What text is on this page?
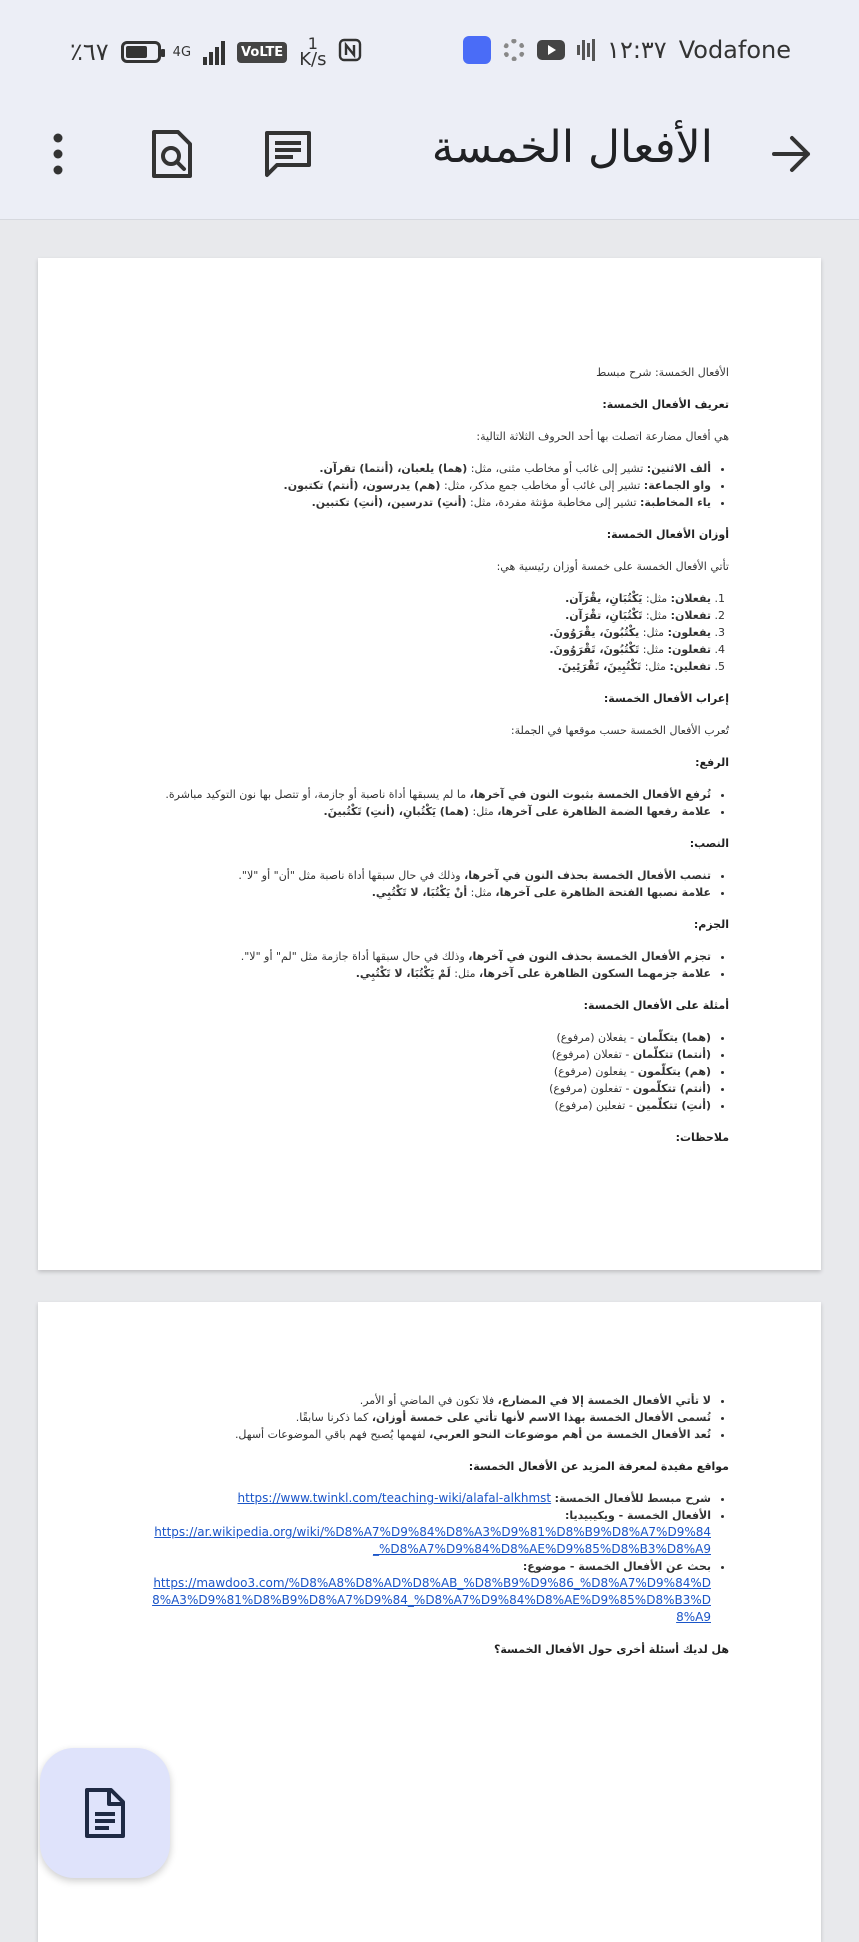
٪٦٧	4G	VoLTE	1
K/s	١٢:٣٧ Vodafone
الأفعال الخمسة

الأفعال الخمسة: شرح مبسط

تعريف الأفعال الخمسة:

هي أفعال مضارعة اتصلت بها أحد الحروف الثلاثة التالية:

• ألف الاثنين: تشير إلى غائب أو مخاطب مثنى، مثل: (هما) يلعبان، (أنتما) تقرآن.
• واو الجماعة: تشير إلى غائب أو مخاطب جمع مذكر، مثل: (هم) يدرسون، (أنتم) تكتبون.
• ياء المخاطبة: تشير إلى مخاطبة مؤنثة مفردة، مثل: (أنتِ) تدرسين، (أنتِ) تكتبين.
أوزان الأفعال الخمسة:

تأتي الأفعال الخمسة على خمسة أوزان رئيسية هي:

1. يفعلان: مثل: يَكْتُبَانِ، يقْرَآن.
2. تفعلان: مثل: تَكْتُبَانِ، تقْرَآن.
3. يفعلون: مثل: يكْتُبُونَ، يقْرَوُونَ.
4. تفعلون: مثل: تَكْتُبُونَ، تَقْرَوُونَ.
5. تفعلين: مثل: تَكْتُبِينَ، تَقْرَئِينَ.
إعراب الأفعال الخمسة:

تُعرب الأفعال الخمسة حسب موقعها في الجملة:

الرفع:
• تُرفع الأفعال الخمسة بثبوت النون في آخرها، ما لم يسبقها أداة ناصبة أو جازمة، أو تتصل بها نون التوكيد مباشرة.
• علامة رفعها الضمة الظاهرة على آخرها، مثل: (هما) يَكْتُبانِ، (أنتِ) تَكْتُبينَ.
النصب:
• تنصب الأفعال الخمسة بحذف النون في آخرها، وذلك في حال سبقها أداة ناصبة مثل "أن" أو "لا".
• علامة نصبها الفتحة الظاهرة على آخرها، مثل: أنْ يَكْتُبَا، لا تَكْتُبِي.
الجزم:
• تجزم الأفعال الخمسة بحذف النون في آخرها، وذلك في حال سبقها أداة جازمة مثل "لم" أو "لا".
• علامة جزمهما السكون الظاهرة على آخرها، مثل: لَمْ يَكْتُبَا، لا تَكْتُبِي.
أمثلة على الأفعال الخمسة:
• (هما) يتكلّمان - يفعلان (مرفوع)
• (أنتما) تتكلّمان - تفعلان (مرفوع)
• (هم) يتكلّمون - يفعلون (مرفوع)
• (أنتم) تتكلّمون - تفعلون (مرفوع)
• (أنتِ) تتكلّمين - تفعلين (مرفوع)
ملاحظات:
• لا تأتي الأفعال الخمسة إلا في المضارع، فلا تكون في الماضي أو الأمر.
• تُسمى الأفعال الخمسة بهذا الاسم لأنها تأتي على خمسة أوزان، كما ذكرنا سابقًا.
• تُعد الأفعال الخمسة من أهم موضوعات النحو العربي، لفهمها يُصبح فهم باقي الموضوعات أسهل.
مواقع مفيدة لمعرفة المزيد عن الأفعال الخمسة:
• شرح مبسط للأفعال الخمسة: https://www.twinkl.com/teaching-wiki/alafal-alkhmst
• الأفعال الخمسة - ويكيبيديا:
https://ar.wikipedia.org/wiki/%D8%A7%D9%84%D8%A3%D9%81%D8%B9%D8%A7%D9%84_%D8%A7%D9%84%D8%AE%D9%85%D8%B3%D8%A9
• بحث عن الأفعال الخمسة - موضوع:
https://mawdoo3.com/%D8%A8%D8%AD%D8%AB_%D8%B9%D9%86_%D8%A7%D9%84%D8%A3%D9%81%D8%B9%D8%A7%D9%84_%D8%A7%D9%84%D8%AE%D9%85%D8%B3%D8%A9
هل لديك أسئلة أخرى حول الأفعال الخمسة؟
